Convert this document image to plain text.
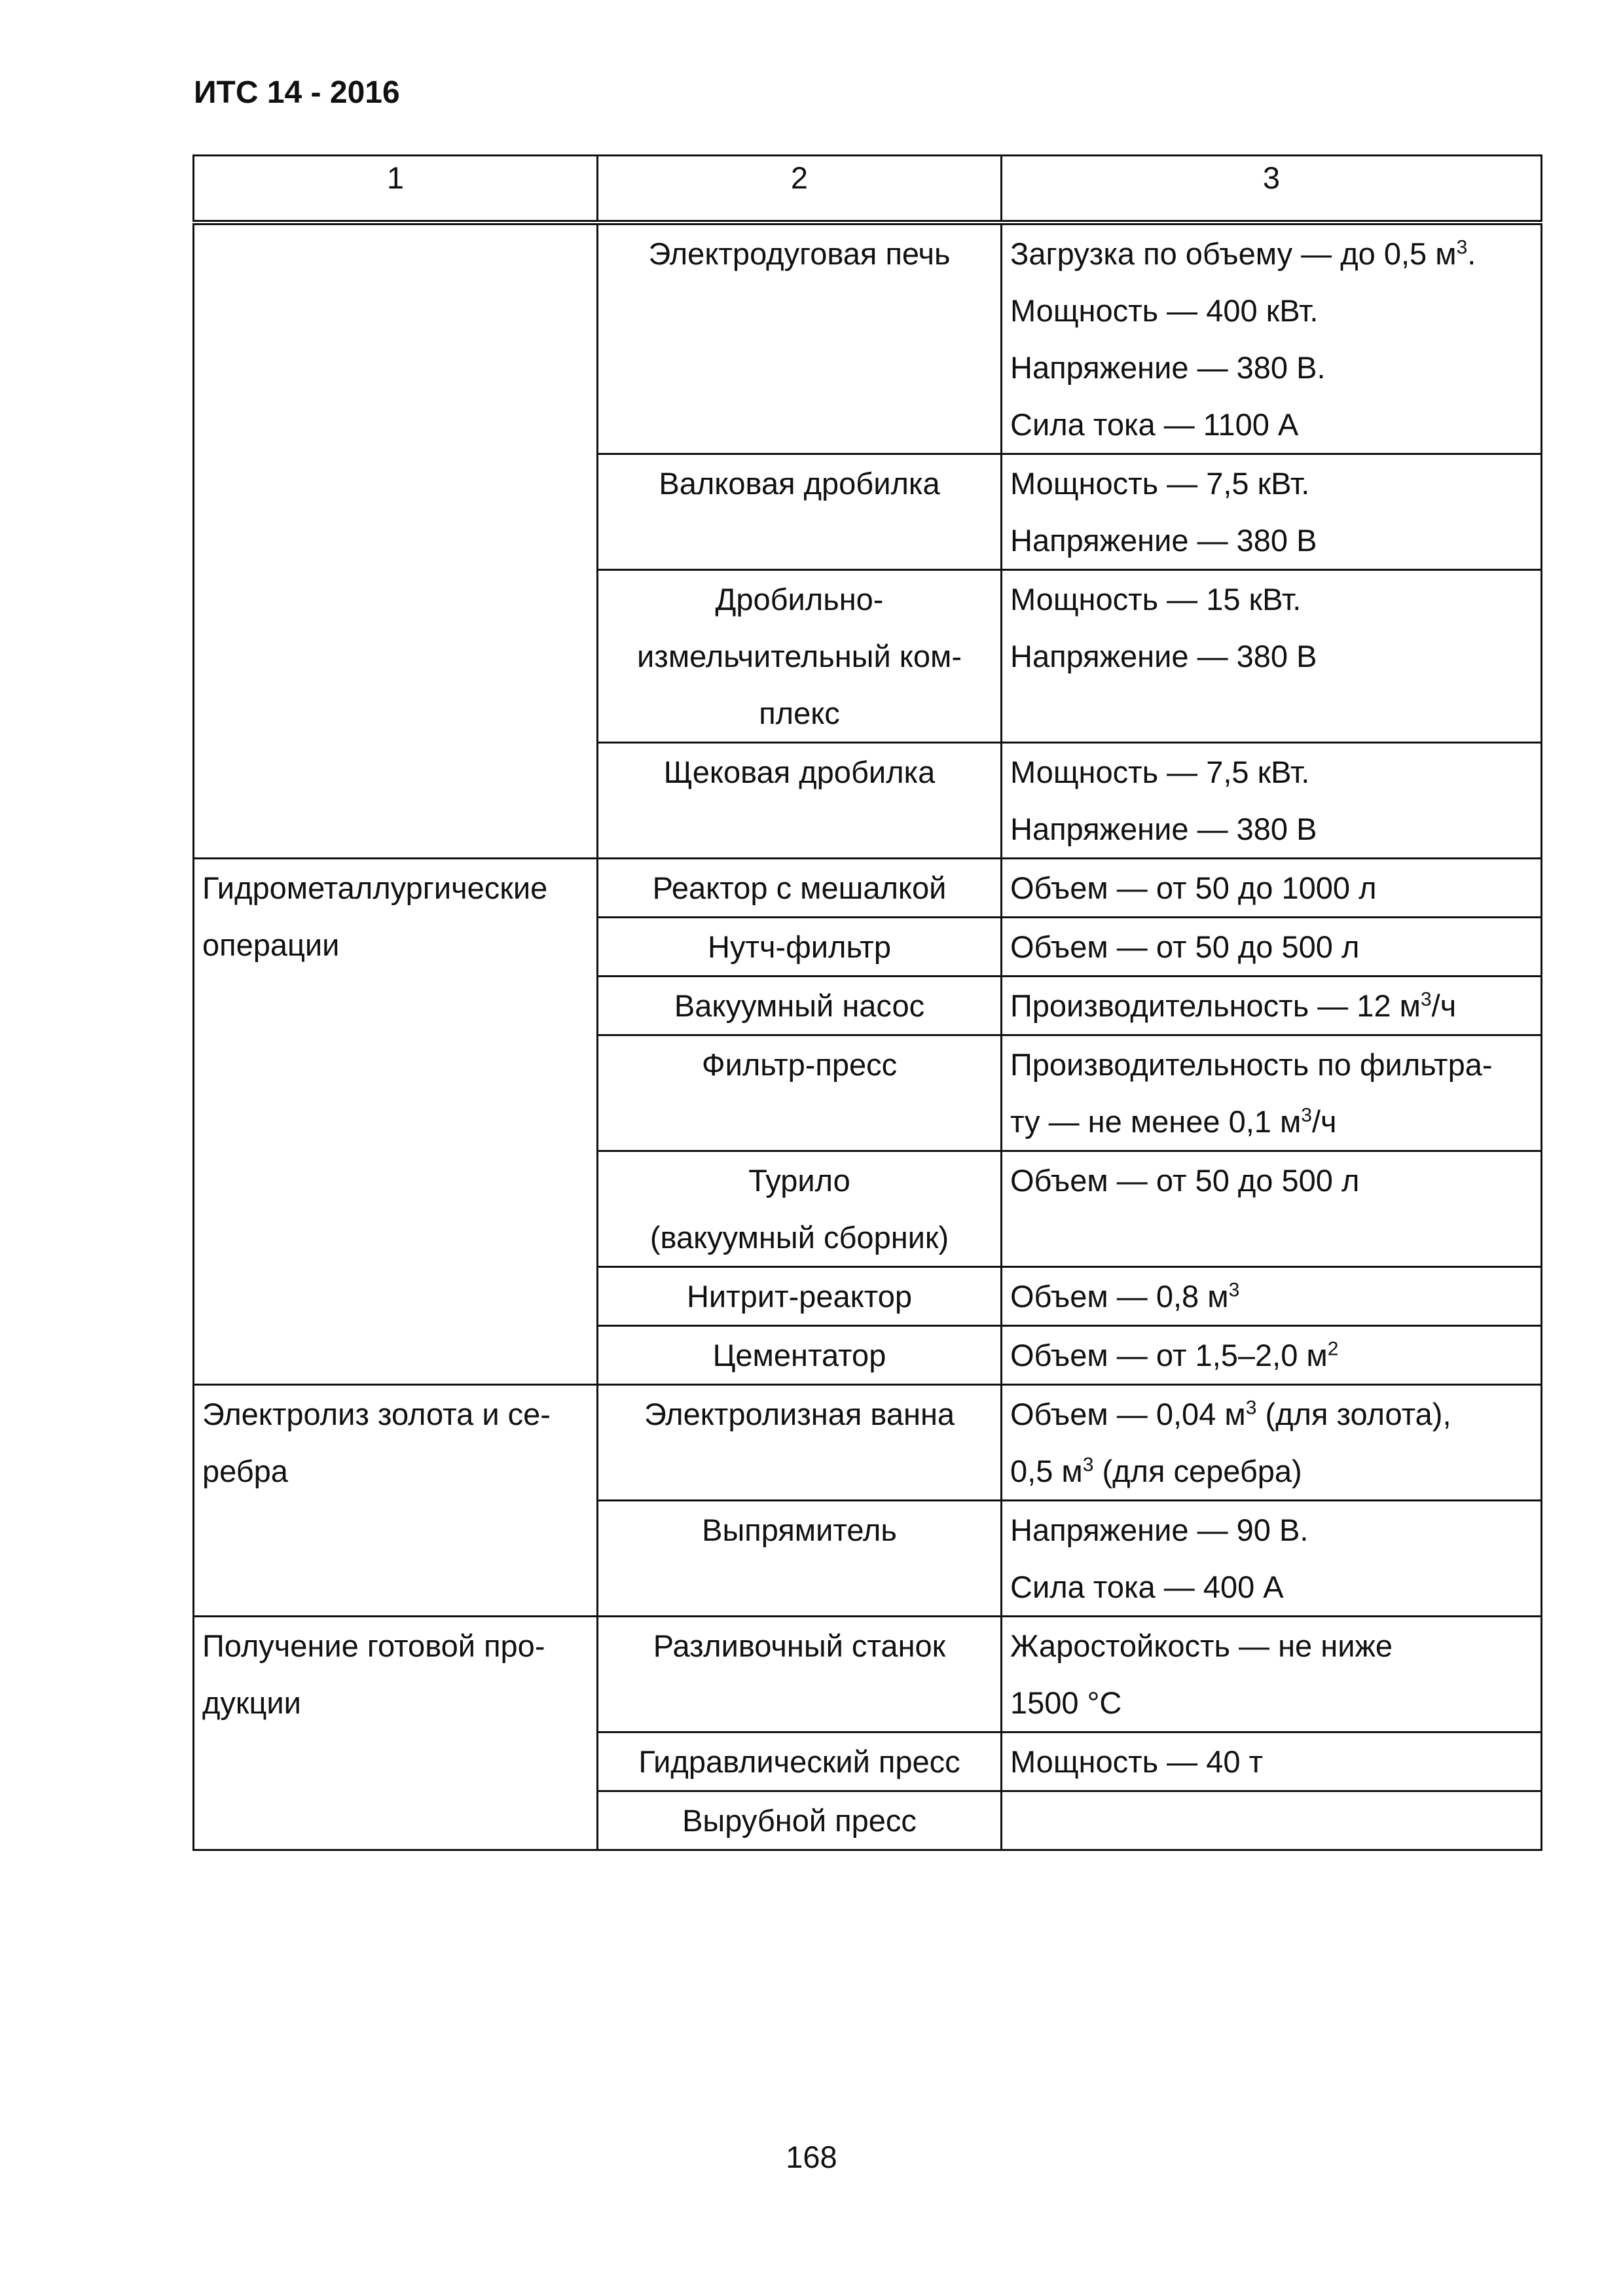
ИТС 14 - 2016
1	2	3

	Электродуговая печь	Загрузка по объему — до 0,5 $м^3$.
Мощность — 400 кВт.
Напряжение — 380 В.
Сила тока — 1100 А

	Валковая дробилка	Мощность — 7,5 кВт.
Напряжение — 380 В

	Дробильно-
измельчительный ком-
плекс	Мощность — 15 кВт.
Напряжение — 380 В

	Щековая дробилка	Мощность — 7,5 кВт.
Напряжение — 380 В

Гидрометаллургические
операции	Реактор с мешалкой	Объем — от 50 до 1000 л

	Нутч-фильтр	Объем — от 50 до 500 л

	Вакуумный насос	Производительность — 12 $м^3/ч$

	Фильтр-пресс	Производительность по фильтра-
ту — не менее 0,1 $м^3/ч$

	Турило
(вакуумный сборник)	Объем — от 50 до 500 л

	Нитрит-реактор	Объем — 0,8 $м^3$

	Цементатор	Объем — от 1,5–2,0 $м^2$

Электролиз золота и се-
ребра	Электролизная ванна	Объем — 0,04 $м^3$ (для золота),
0,5 $м^3$ (для серебра)

	Выпрямитель	Напряжение — 90 В.
Сила тока — 400 А

Получение готовой про-
дукции	Разливочный станок	Жаростойкость — не ниже
1500 °С

	Гидравлический пресс	Мощность — 40 т

	Вырубной пресс	

168
